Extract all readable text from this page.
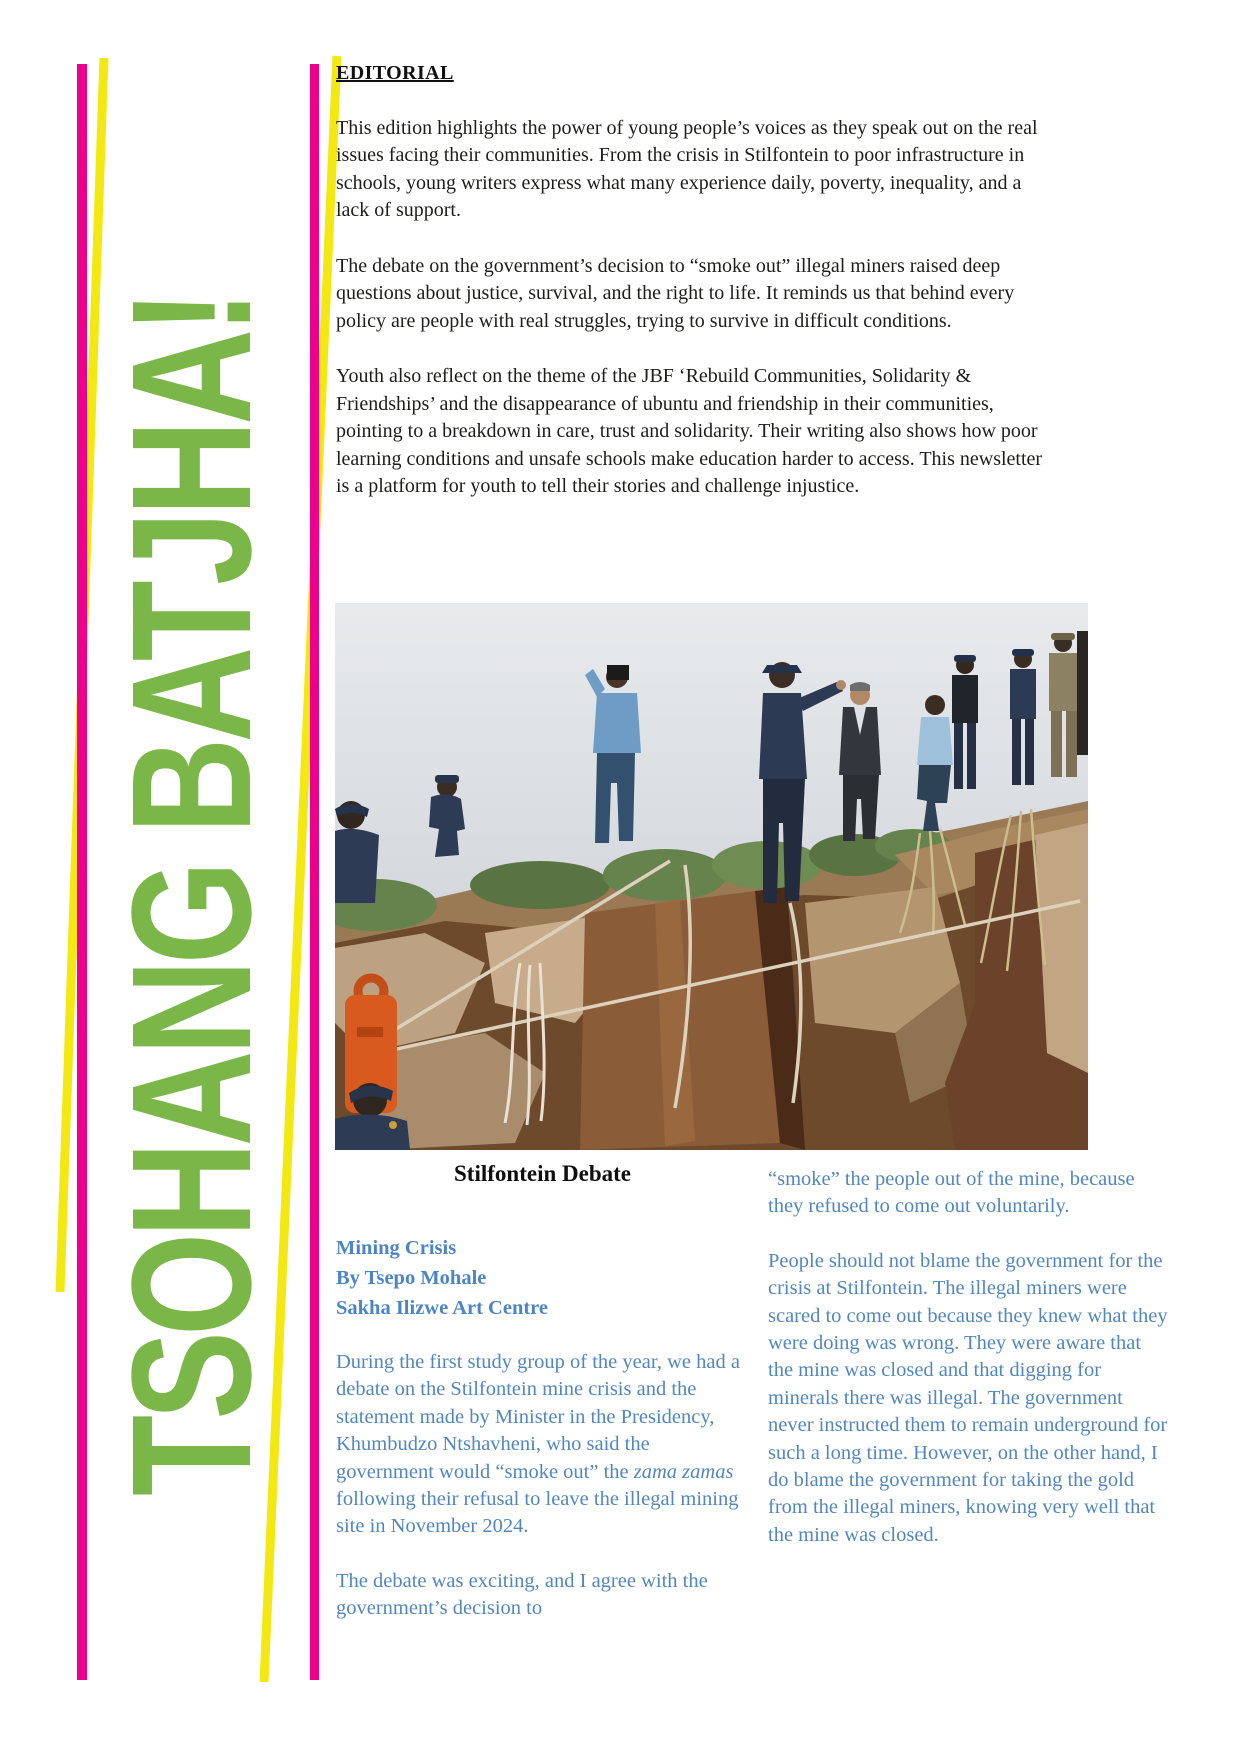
TSOHANG BATJHA!
EDITORIAL

This edition highlights the power of young people’s voices as they speak out on the real issues facing their communities. From the crisis in Stilfontein to poor infrastructure in schools, young writers express what many experience daily, poverty, inequality, and a lack of support.

The debate on the government’s decision to “smoke out” illegal miners raised deep questions about justice, survival, and the right to life. It reminds us that behind every policy are people with real struggles, trying to survive in difficult conditions.

Youth also reflect on the theme of the JBF ‘Rebuild Communities, Solidarity & Friendships’ and the disappearance of ubuntu and friendship in their communities, pointing to a breakdown in care, trust and solidarity. Their writing also shows how poor learning conditions and unsafe schools make education harder to access. This newsletter is a platform for youth to tell their stories and challenge injustice.

Stilfontein Debate
Mining Crisis
By Tsepo Mohale
Sakha Ilizwe Art Centre

During the first study group of the year, we had a debate on the Stilfontein mine crisis and the statement made by Minister in the Presidency, Khumbudzo Ntshavheni, who said the government would “smoke out” the zama zamas following their refusal to leave the illegal mining site in November 2024.

The debate was exciting, and I agree with the government’s decision to

“smoke” the people out of the mine, because they refused to come out voluntarily.

People should not blame the government for the crisis at Stilfontein. The illegal miners were scared to come out because they knew what they were doing was wrong. They were aware that the mine was closed and that digging for minerals there was illegal. The government never instructed them to remain underground for such a long time. However, on the other hand, I do blame the government for taking the gold from the illegal miners, knowing very well that the mine was closed.
